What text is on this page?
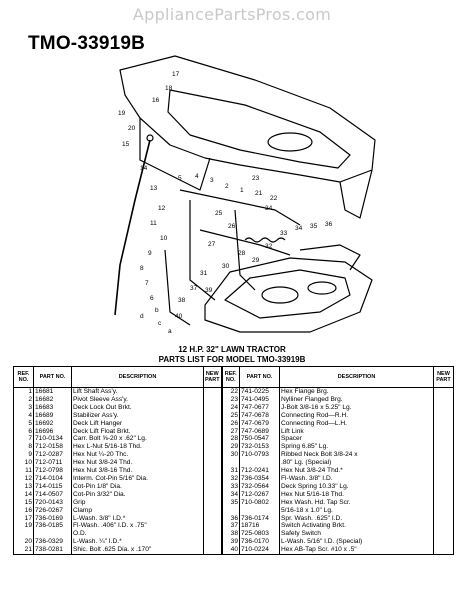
AppliancePartsPros.com
TMO-33919B
17
18
16
19
20
15
14
13
12
11
10
9
8
7
6
5 4
3
2
1 21
22
23
24
25
26
27
28
29
30
31
32
33
34 35 36
37
38
39
40
b
c
d
a
12 H.P. 32" LAWN TRACTOR
PARTS LIST FOR MODEL TMO-33919B
REF. NO.	PART NO.	DESCRIPTION	NEW PART	REF. NO.	PART NO.	DESCRIPTION	NEW PART
1	16681	Lift Shaft Ass'y.		22	741-0225	Hex Flange Brg.	
2	16682	Pivot Sleeve Ass'y.		23	741-0495	Nylliner Flanged Brg.	
3	16683	Deck Lock Out Brkt.		24	747-0677	J-Bolt 3/8-16 x 5.25" Lg.	
4	16689	Stabilizer Ass'y.		25	747-0678	Connecting Rod—R.H.	
5	16692	Deck Lift Hanger		26	747-0679	Connecting Rod—L.H.	
6	16696	Deck Lift Float Brkt.		27	747-0689	Lift Link	
7	710-0134	Carr. Bolt ⅝-20 x .62" Lg.		28	750-0547	Spacer	
8	712-0158	Hex L-Nut 5/16-18 Thd.		29	732-0153	Spring 6.85" Lg.	
9	712-0287	Hex Nut ¼-20 Thc.		30	710-0793	Ribbed Neck Bolt 3/8-24 x	
10	712-0711	Hex Nut 3/8-24 Thd.				.80" Lg. (Special)	
11	712-0798	Hex Nut 3/8-16 Thd.		31	712-0241	Hex Nut 3/8-24 Thd.*	
12	714-0104	Interm. Cot-Pin 5/16" Dia.		32	736-0354	Fl-Wash. 3/8" I.D.	
13	714-0115	Cot-Pin 1/8" Dia.		33	732-0564	Deck Spring 10.33" Lg.	
14	714-0507	Cot-Pin 3/32" Dia.		34	712-0267	Hex Nut 5/16-18 Thd.	
15	720-0143	Grip		35	710-0802	Hex Wash. Hd. Tap Scr.	
16	726-0267	Clamp				5/16-18 x 1.0" Lg.	
17	736-0169	L-Wash. 3/8" I.D.*		36	736-0174	Spr. Wash. .625" I.D.	
19	736-0185	Fl-Wash. .406" I.D. x .75"		37	18716	Switch Activating Brkt.	
		O.D.		38	725-0803	Safety Switch	
20	736-0329	L-Wash. ¼" I.D.*		39	736-0170	L-Wash. 5/16" I.D. (Special)	
21	738-0281	Shic. Bolt .625 Dia. x .170"		40	710-0224	Hex AB-Tap Scr. #10 x .5"	
